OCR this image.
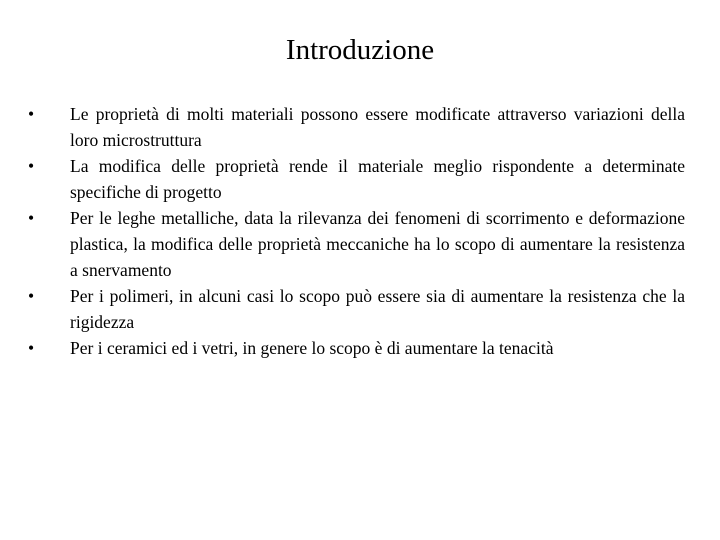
Introduzione
•	Le proprietà di molti materiali possono essere modificate attraverso variazioni della loro microstruttura
•	La modifica delle proprietà rende il materiale meglio rispondente a determinate specifiche di progetto
•	Per le leghe metalliche, data la rilevanza dei fenomeni di scorrimento e deformazione plastica, la modifica delle proprietà meccaniche ha lo scopo di aumentare la resistenza a snervamento
•	Per i polimeri, in alcuni casi lo scopo può essere sia di aumentare la resistenza che la rigidezza
•	Per i ceramici ed i vetri, in genere lo scopo è di aumentare la tenacità
